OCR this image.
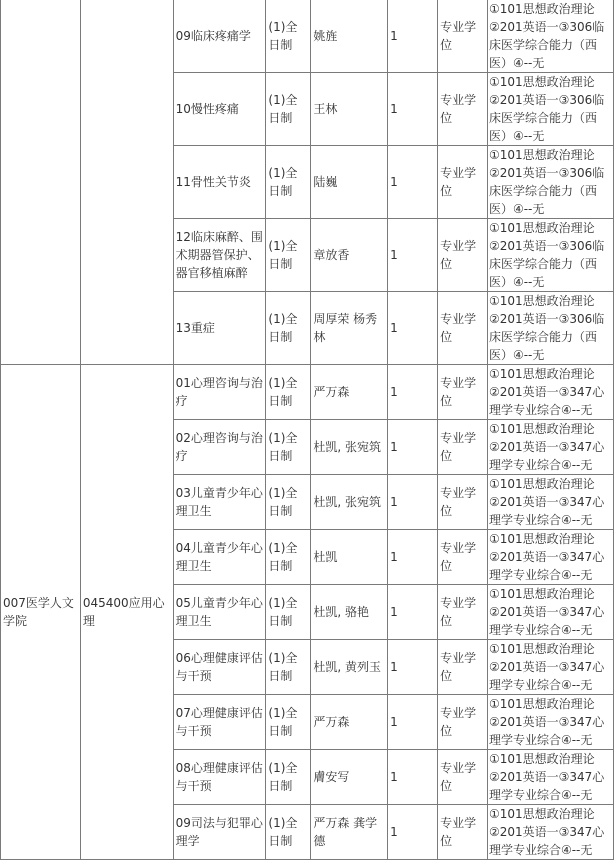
		09临床疼痛学	(1)全日制	姚旌	1	专业学位	①101思想政治理论
②201英语一③306临
床医学综合能力（西
医）④--无

		10慢性疼痛	(1)全日制	王林	1	专业学位	①101思想政治理论
②201英语一③306临
床医学综合能力（西
医）④--无

		11骨性关节炎	(1)全日制	陆巍	1	专业学位	①101思想政治理论
②201英语一③306临
床医学综合能力（西
医）④--无

		12临床麻醉、围术期器管保护、器官移植麻醉	(1)全日制	章放香	1	专业学位	①101思想政治理论
②201英语一③306临
床医学综合能力（西
医）④--无

		13重症	(1)全日制	周厚荣 杨秀林	1	专业学位	①101思想政治理论
②201英语一③306临
床医学综合能力（西
医）④--无

007医学人文学院	045400应用心理	01心理咨询与治疗	(1)全日制	严万森	1	专业学位	①101思想政治理论
②201英语一③347心
理学专业综合④--无

		02心理咨询与治疗	(1)全日制	杜凯, 张宛筑	1	专业学位	①101思想政治理论
②201英语一③347心
理学专业综合④--无

		03儿童青少年心理卫生	(1)全日制	杜凯, 张宛筑	1	专业学位	①101思想政治理论
②201英语一③347心
理学专业综合④--无

		04儿童青少年心理卫生	(1)全日制	杜凯	1	专业学位	①101思想政治理论
②201英语一③347心
理学专业综合④--无

		05儿童青少年心理卫生	(1)全日制	杜凯, 骆艳	1	专业学位	①101思想政治理论
②201英语一③347心
理学专业综合④--无

		06心理健康评估与干预	(1)全日制	杜凯, 黄列玉	1	专业学位	①101思想政治理论
②201英语一③347心
理学专业综合④--无

		07心理健康评估与干预	(1)全日制	严万森	1	专业学位	①101思想政治理论
②201英语一③347心
理学专业综合④--无

		08心理健康评估与干预	(1)全日制	膚安写	1	专业学位	①101思想政治理论
②201英语一③347心
理学专业综合④--无

		09司法与犯罪心理学	(1)全日制	严万森 龚学德	1	专业学位	①101思想政治理论
②201英语一③347心
理学专业综合④--无
